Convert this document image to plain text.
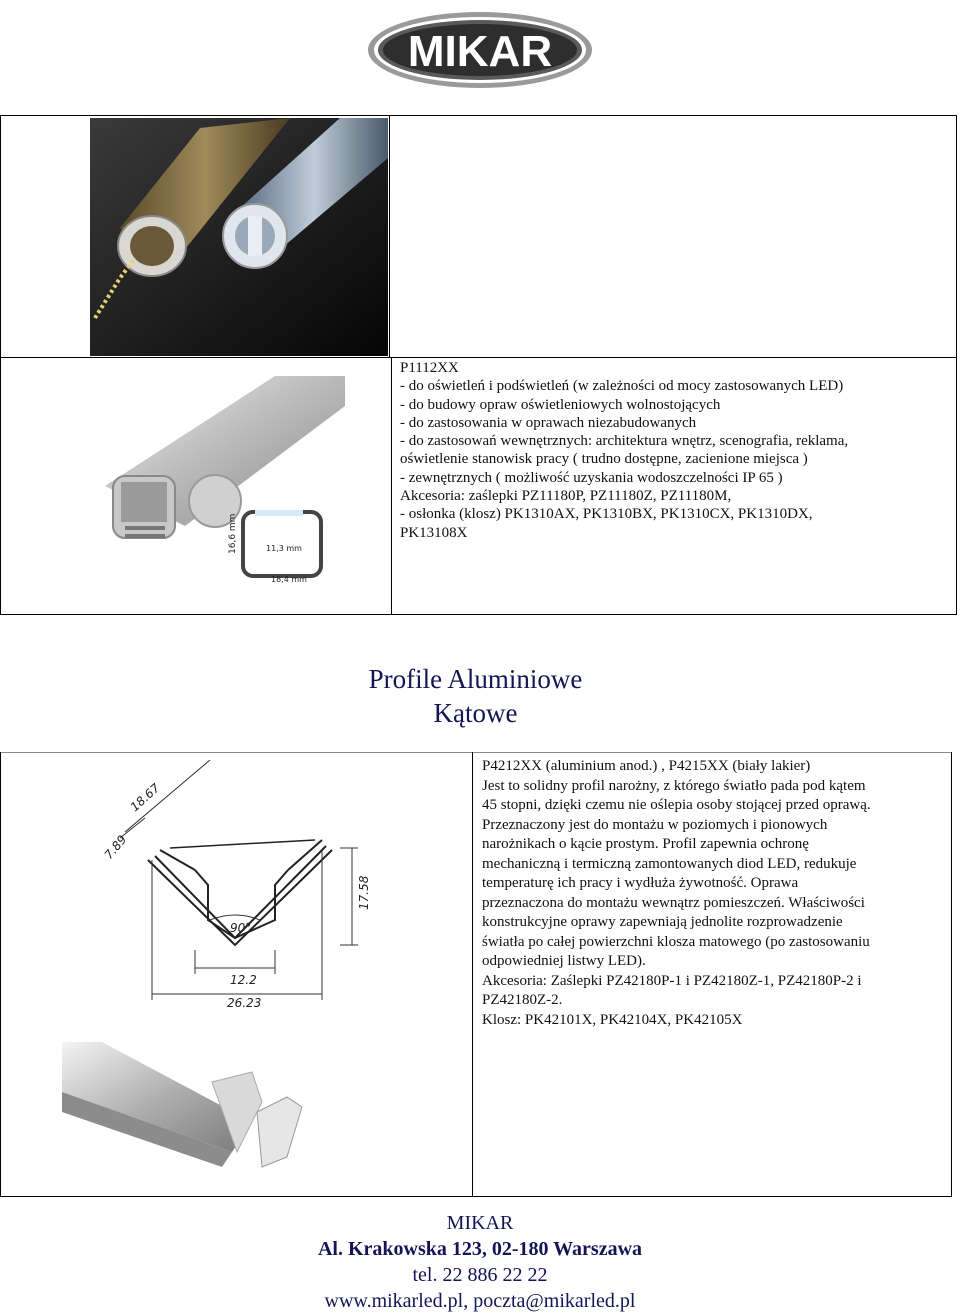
MIKAR
16,6 mm	11,3 mm
18,4 mm
P1112XX
- do oświetleń i podświetleń (w zależności od mocy zastosowanych LED)
- do budowy opraw oświetleniowych wolnostojących
- do zastosowania w oprawach niezabudowanych
- do zastosowań wewnętrznych: architektura wnętrz, scenografia, reklama,
oświetlenie stanowisk pracy ( trudno dostępne, zacienione miejsca )
- zewnętrznych ( możliwość uzyskania wodoszczelności IP 65 )
Akcesoria: zaślepki PZ11180P, PZ11180Z, PZ11180M,
- osłonka (klosz) PK1310AX, PK1310BX, PK1310CX, PK1310DX,
PK13108X
Profile Aluminiowe
Kątowe
18.67
7.89
17.58
90°
12.2
26.23
P4212XX (aluminium anod.) , P4215XX (biały lakier)
Jest to solidny profil narożny, z którego światło pada pod kątem
45 stopni, dzięki czemu nie oślepia osoby stojącej przed oprawą.
Przeznaczony jest do montażu w poziomych i pionowych
narożnikach o kącie prostym. Profil zapewnia ochronę
mechaniczną i termiczną zamontowanych diod LED, redukuje
temperaturę ich pracy i wydłuża żywotność. Oprawa
przeznaczona do montażu wewnątrz pomieszczeń. Właściwości
konstrukcyjne oprawy zapewniają jednolite rozprowadzenie
światła po całej powierzchni klosza matowego (po zastosowaniu
odpowiedniej listwy LED).
Akcesoria: Zaślepki PZ42180P-1 i PZ42180Z-1, PZ42180P-2 i
PZ42180Z-2.
Klosz: PK42101X, PK42104X, PK42105X
MIKAR
Al. Krakowska 123, 02-180 Warszawa
tel. 22 886 22 22
www.mikarled.pl, poczta@mikarled.pl
